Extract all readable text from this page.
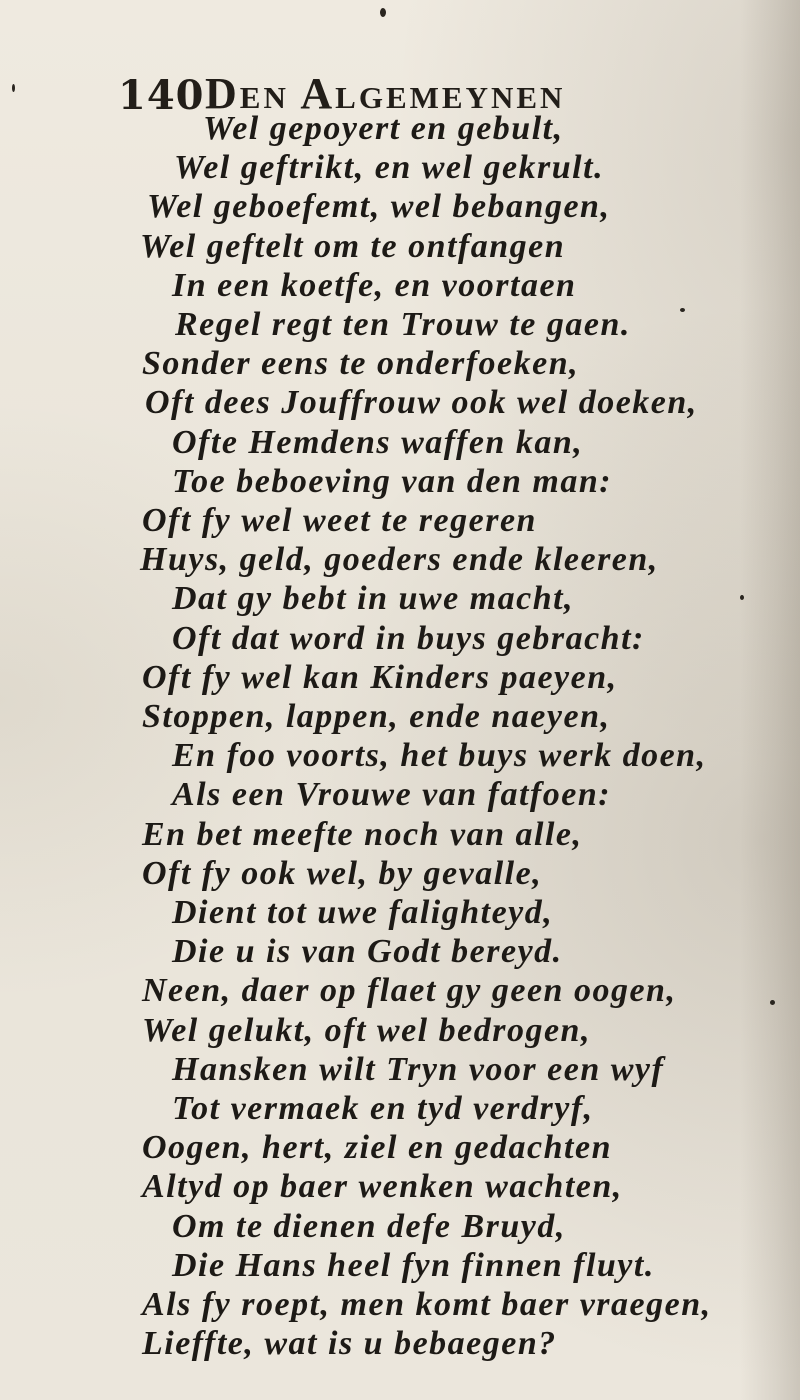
140 Den Algemeynen
Wel gepoyert en gebult,
Wel geftrikt, en wel gekrult.
Wel geboefemt, wel bebangen,
Wel geftelt om te ontfangen
In een koetfe, en voortaen
Regel regt ten Trouw te gaen.
Sonder eens te onderfoeken,
Oft dees Jouffrouw ook wel doeken,
Ofte Hemdens waffen kan,
Toe beboeving van den man:
Oft fy wel weet te regeren
Huys, geld, goeders ende kleeren,
Dat gy bebt in uwe macht,
Oft dat word in buys gebracht:
Oft fy wel kan Kinders paeyen,
Stoppen, lappen, ende naeyen,
En foo voorts, het buys werk doen,
Als een Vrouwe van fatfoen:
En bet meefte noch van alle,
Oft fy ook wel, by gevalle,
Dient tot uwe falighteyd,
Die u is van Godt bereyd.
Neen, daer op flaet gy geen oogen,
Wel gelukt, oft wel bedrogen,
Hansken wilt Tryn voor een wyf
Tot vermaek en tyd verdryf,
Oogen, hert, ziel en gedachten
Altyd op baer wenken wachten,
Om te dienen defe Bruyd,
Die Hans heel fyn finnen fluyt.
Als fy roept, men komt baer vraegen,
Lieffte, wat is u bebaegen?
